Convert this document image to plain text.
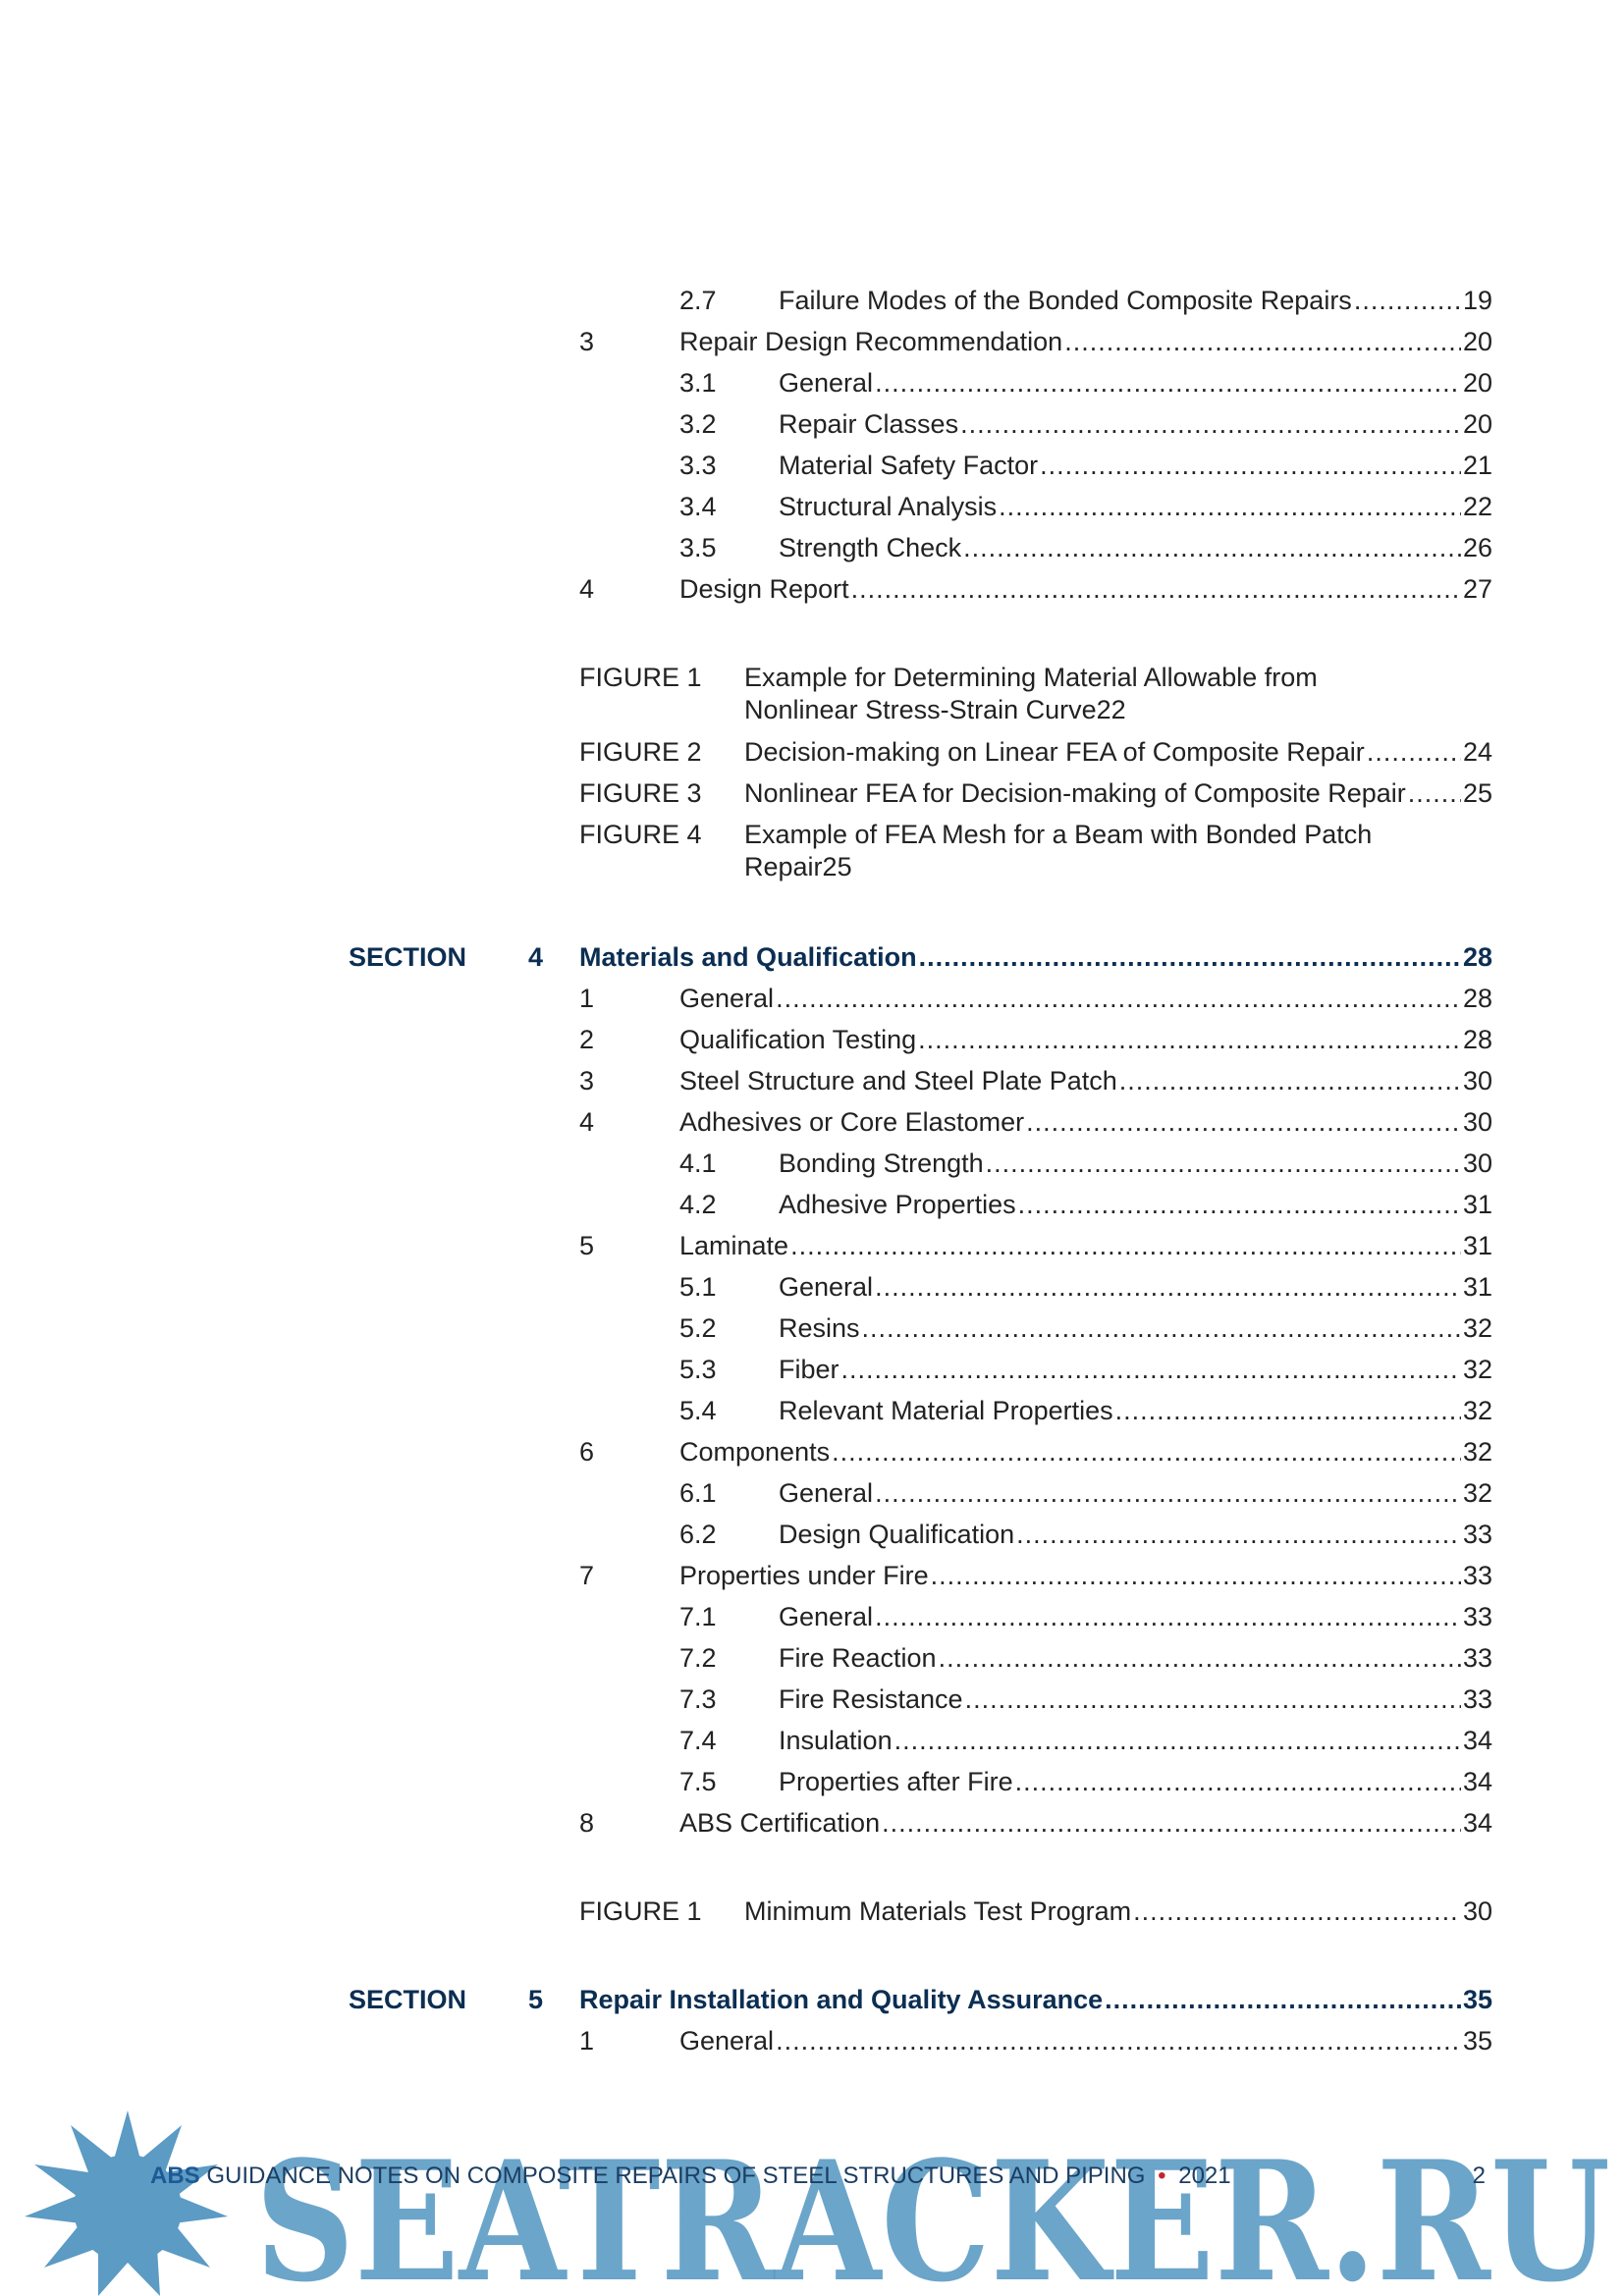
2.7 Failure Modes of the Bonded Composite Repairs .....	19
3	Repair Design Recommendation .....	20
3.1 General .....	20
3.2 Repair Classes .....	20
3.3 Material Safety Factor .....	21
3.4 Structural Analysis .....	22
3.5 Strength Check .....	26
4	Design Report .....	27
FIGURE 1 Example for Determining Material Allowable from
Nonlinear Stress-Strain Curve 22
FIGURE 2 Decision-making on Linear FEA of Composite Repair .....	24
FIGURE 3 Nonlinear FEA for Decision-making of Composite Repair ..... 25
FIGURE 4 Example of FEA Mesh for a Beam with Bonded Patch
Repair 25
SECTION 4 Materials and Qualification .....	28
1	General .....	28
2	Qualification Testing .....	28
3	Steel Structure and Steel Plate Patch .....	30
4	Adhesives or Core Elastomer .....	30
4.1 Bonding Strength .....	30
4.2 Adhesive Properties .....	31
5	Laminate .....	31
5.1 General .....	31
5.2 Resins .....	32
5.3 Fiber .....	32
5.4 Relevant Material Properties .....	32
6	Components .....	32
6.1 General .....	32
6.2 Design Qualification .....	33
7	Properties under Fire .....	33
7.1 General .....	33
7.2 Fire Reaction .....	33
7.3 Fire Resistance .....	33
7.4 Insulation .....	34
7.5 Properties after Fire .....	34
8	ABS Certification .....	34
FIGURE 1 Minimum Materials Test Program .....	30
SECTION 5 Repair Installation and Quality Assurance .....	35
1	General .....	35
SEATRACKER.RU
ABS GUIDANCE NOTES ON COMPOSITE REPAIRS OF STEEL STRUCTURES AND PIPING • 2021	2
